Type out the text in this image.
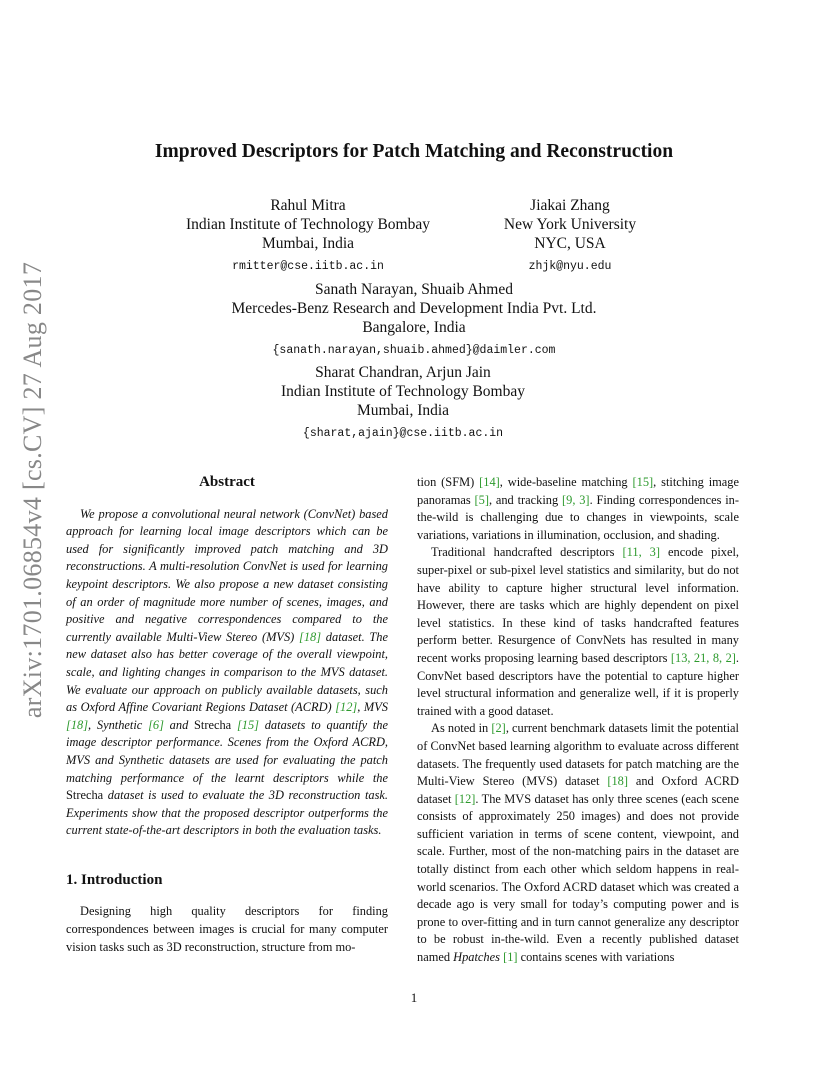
arXiv:1701.06854v4 [cs.CV] 27 Aug 2017
Improved Descriptors for Patch Matching and Reconstruction
Rahul Mitra
Indian Institute of Technology Bombay
Mumbai, India
rmitter@cse.iitb.ac.in
Jiakai Zhang
New York University
NYC, USA
zhjk@nyu.edu
Sanath Narayan, Shuaib Ahmed
Mercedes-Benz Research and Development India Pvt. Ltd.
Bangalore, India
{sanath.narayan,shuaib.ahmed}@daimler.com
Sharat Chandran, Arjun Jain
Indian Institute of Technology Bombay
Mumbai, India
{sharat,ajain}@cse.iitb.ac.in
Abstract

We propose a convolutional neural network (ConvNet) based approach for learning local image descriptors which can be used for significantly improved patch matching and 3D reconstructions. A multi-resolution ConvNet is used for learning keypoint descriptors. We also propose a new dataset consisting of an order of magnitude more number of scenes, images, and positive and negative correspondences compared to the currently available Multi-View Stereo (MVS) [18] dataset. The new dataset also has better coverage of the overall viewpoint, scale, and lighting changes in comparison to the MVS dataset. We evaluate our approach on publicly available datasets, such as Oxford Affine Covariant Regions Dataset (ACRD) [12], MVS [18], Synthetic [6] and Strecha [15] datasets to quantify the image descriptor performance. Scenes from the Oxford ACRD, MVS and Synthetic datasets are used for evaluating the patch matching performance of the learnt descriptors while the Strecha dataset is used to evaluate the 3D reconstruction task. Experiments show that the proposed descriptor outperforms the current state-of-the-art descriptors in both the evaluation tasks.

1. Introduction

Designing high quality descriptors for finding correspondences between images is crucial for many computer vision tasks such as 3D reconstruction, structure from mo-

tion (SFM) [14], wide-baseline matching [15], stitching image panoramas [5], and tracking [9, 3]. Finding correspondences in-the-wild is challenging due to changes in viewpoints, scale variations, variations in illumination, occlusion, and shading.

Traditional handcrafted descriptors [11, 3] encode pixel, super-pixel or sub-pixel level statistics and similarity, but do not have ability to capture higher structural level information. However, there are tasks which are highly dependent on pixel level statistics. In these kind of tasks handcrafted features perform better. Resurgence of ConvNets has resulted in many recent works proposing learning based descriptors [13, 21, 8, 2]. ConvNet based descriptors have the potential to capture higher level structural information and generalize well, if it is properly trained with a good dataset.

As noted in [2], current benchmark datasets limit the potential of ConvNet based learning algorithm to evaluate across different datasets. The frequently used datasets for patch matching are the Multi-View Stereo (MVS) dataset [18] and Oxford ACRD dataset [12]. The MVS dataset has only three scenes (each scene consists of approximately 250 images) and does not provide sufficient variation in terms of scene content, viewpoint, and scale. Further, most of the non-matching pairs in the dataset are totally distinct from each other which seldom happens in real-world scenarios. The Oxford ACRD dataset which was created a decade ago is very small for today’s computing power and is prone to over-fitting and in turn cannot generalize any descriptor to be robust in-the-wild. Even a recently published dataset named Hpatches [1] contains scenes with variations

1
